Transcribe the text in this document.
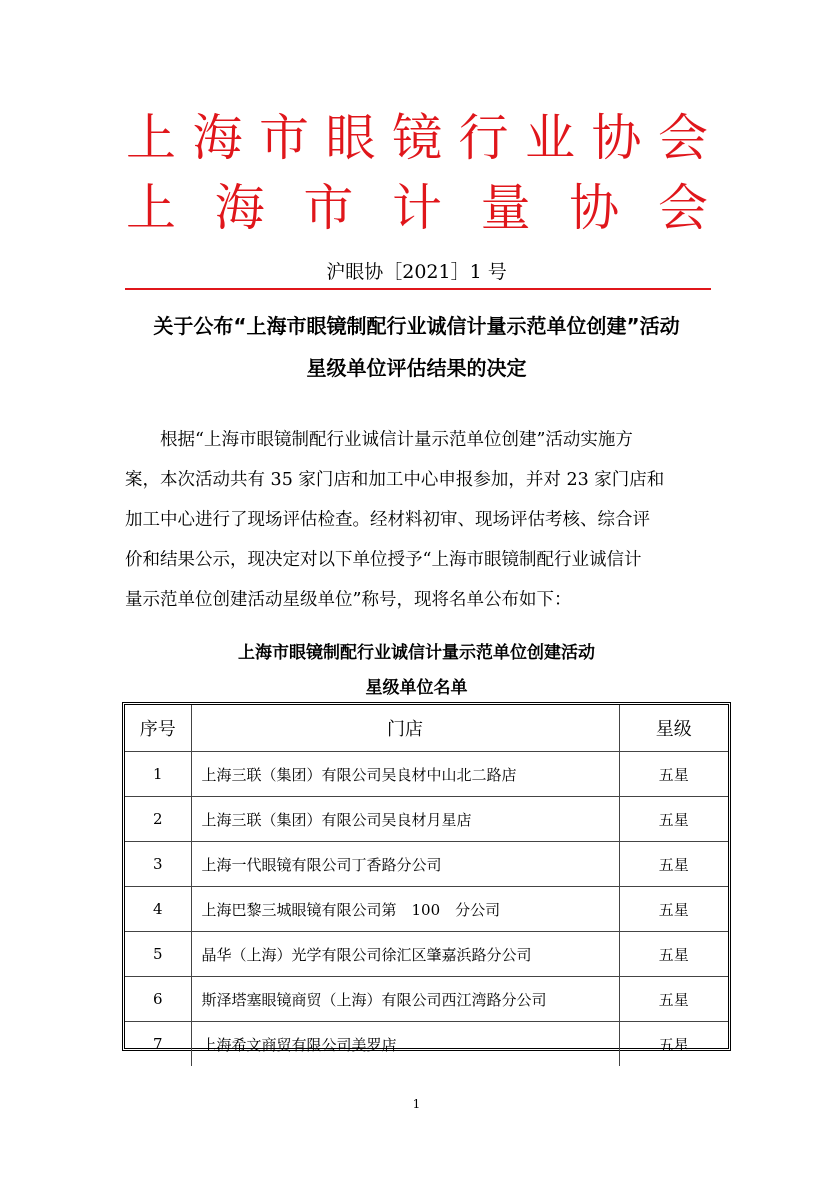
上 海 市 眼 镜 行 业 协 会
上 海 市 计 量 协 会
沪眼协［2021］1 号
关于公布“上海市眼镜制配行业诚信计量示范单位创建”活动
星级单位评估结果的决定
根据“上海市眼镜制配行业诚信计量示范单位创建”活动实施方
案，本次活动共有 35 家门店和加工中心申报参加，并对 23 家门店和
加工中心进行了现场评估检查。经材料初审、现场评估考核、综合评
价和结果公示，现决定对以下单位授予“上海市眼镜制配行业诚信计
量示范单位创建活动星级单位”称号，现将名单公布如下：
上海市眼镜制配行业诚信计量示范单位创建活动
星级单位名单
序号	门店	星级
1	上海三联（集团）有限公司吴良材中山北二路店	五星
2	上海三联（集团）有限公司吴良材月星店	五星
3	上海一代眼镜有限公司丁香路分公司	五星
4	上海巴黎三城眼镜有限公司第　100　分公司	五星
5	晶华（上海）光学有限公司徐汇区肇嘉浜路分公司	五星
6	斯泽塔塞眼镜商贸（上海）有限公司西江湾路分公司	五星
7	上海希文商贸有限公司美罗店	五星
1
